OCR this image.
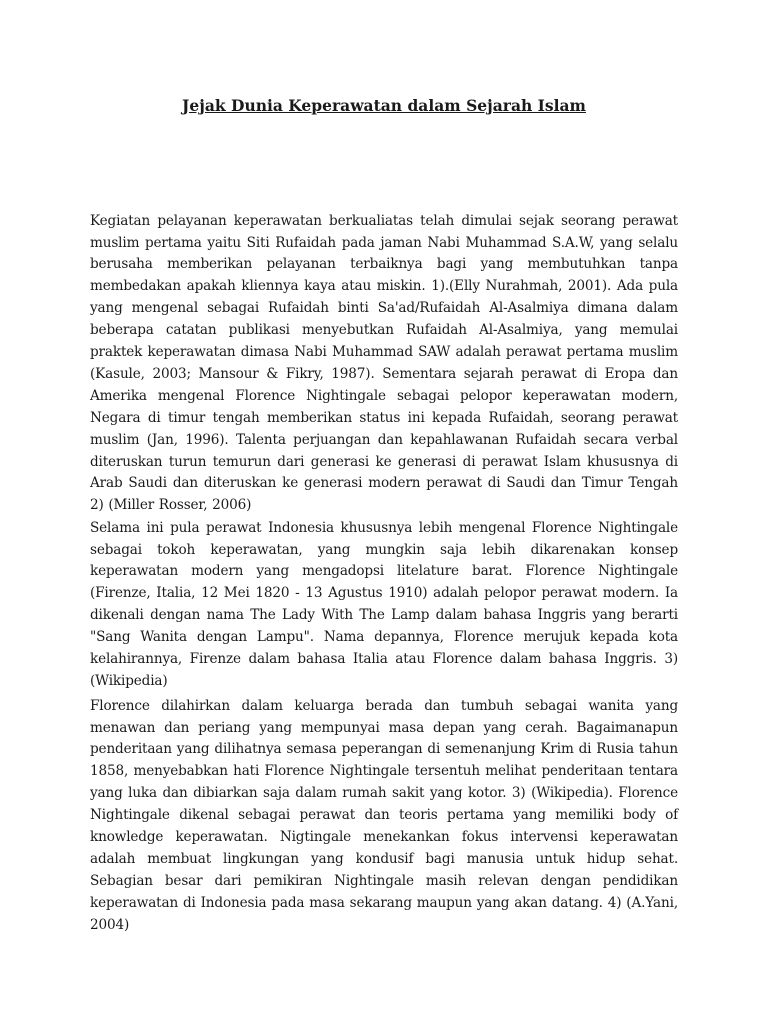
Jejak Dunia Keperawatan dalam Sejarah Islam

Kegiatan pelayanan keperawatan berkualiatas telah dimulai sejak seorang perawat muslim pertama yaitu Siti Rufaidah pada jaman Nabi Muhammad S.A.W, yang selalu berusaha memberikan pelayanan terbaiknya bagi yang membutuhkan tanpa membedakan apakah kliennya kaya atau miskin. 1).(Elly Nurahmah, 2001). Ada pula yang mengenal sebagai Rufaidah binti Sa'ad/Rufaidah Al-Asalmiya dimana dalam beberapa catatan publikasi menyebutkan Rufaidah Al-Asalmiya, yang memulai praktek keperawatan dimasa Nabi Muhammad SAW adalah perawat pertama muslim (Kasule, 2003; Mansour & Fikry, 1987). Sementara sejarah perawat di Eropa dan Amerika mengenal Florence Nightingale sebagai pelopor keperawatan modern, Negara di timur tengah memberikan status ini kepada Rufaidah, seorang perawat muslim (Jan, 1996). Talenta perjuangan dan kepahlawanan Rufaidah secara verbal diteruskan turun temurun dari generasi ke generasi di perawat Islam khususnya di Arab Saudi dan diteruskan ke generasi modern perawat di Saudi dan Timur Tengah 2) (Miller Rosser, 2006)

Selama ini pula perawat Indonesia khususnya lebih mengenal Florence Nightingale sebagai tokoh keperawatan, yang mungkin saja lebih dikarenakan konsep keperawatan modern yang mengadopsi litelature barat. Florence Nightingale (Firenze, Italia, 12 Mei 1820 - 13 Agustus 1910) adalah pelopor perawat modern. Ia dikenali dengan nama The Lady With The Lamp dalam bahasa Inggris yang berarti "Sang Wanita dengan Lampu". Nama depannya, Florence merujuk kepada kota kelahirannya, Firenze dalam bahasa Italia atau Florence dalam bahasa Inggris. 3) (Wikipedia)

Florence dilahirkan dalam keluarga berada dan tumbuh sebagai wanita yang menawan dan periang yang mempunyai masa depan yang cerah. Bagaimanapun penderitaan yang dilihatnya semasa peperangan di semenanjung Krim di Rusia tahun 1858, menyebabkan hati Florence Nightingale tersentuh melihat penderitaan tentara yang luka dan dibiarkan saja dalam rumah sakit yang kotor. 3) (Wikipedia). Florence Nightingale dikenal sebagai perawat dan teoris pertama yang memiliki body of knowledge keperawatan. Nigtingale menekankan fokus intervensi keperawatan adalah membuat lingkungan yang kondusif bagi manusia untuk hidup sehat. Sebagian besar dari pemikiran Nightingale masih relevan dengan pendidikan keperawatan di Indonesia pada masa sekarang maupun yang akan datang. 4) (A.Yani, 2004)
